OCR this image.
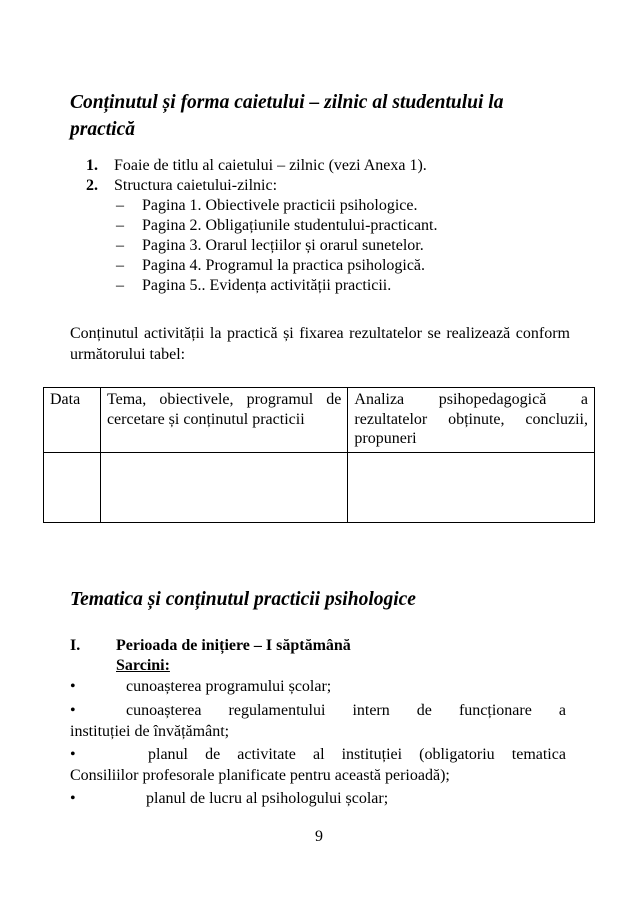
Conținutul și forma caietului – zilnic al studentului la
practică
1.	Foaie de titlu al caietului – zilnic (vezi Anexa 1).
2.	Structura caietului-zilnic:
–	Pagina 1. Obiectivele practicii psihologice.
–	Pagina 2. Obligațiunile studentului-practicant.
–	Pagina 3. Orarul lecțiilor și orarul sunetelor.
–	Pagina 4. Programul la practica psihologică.
–	Pagina 5.. Evidența activității practicii.

Conținutul activității la practică și fixarea rezultatelor se realizează conform următorului tabel:

Data	Tema, obiectivele, programul de cercetare și conținutul practicii	Analiza psihopedagogică a rezultatelor obținute, concluzii, propuneri

Tematica și conținutul practicii psihologice
I.	Perioada de inițiere – I săptămână
Sarcini:
•	cunoașterea programului școlar;
•	cunoașterea regulamentului intern de funcționare a
instituției de învățământ;
•	planul de activitate al instituției (obligatoriu tematica
Consiliilor profesorale planificate pentru această perioadă);
•	planul de lucru al psihologului școlar;
9
